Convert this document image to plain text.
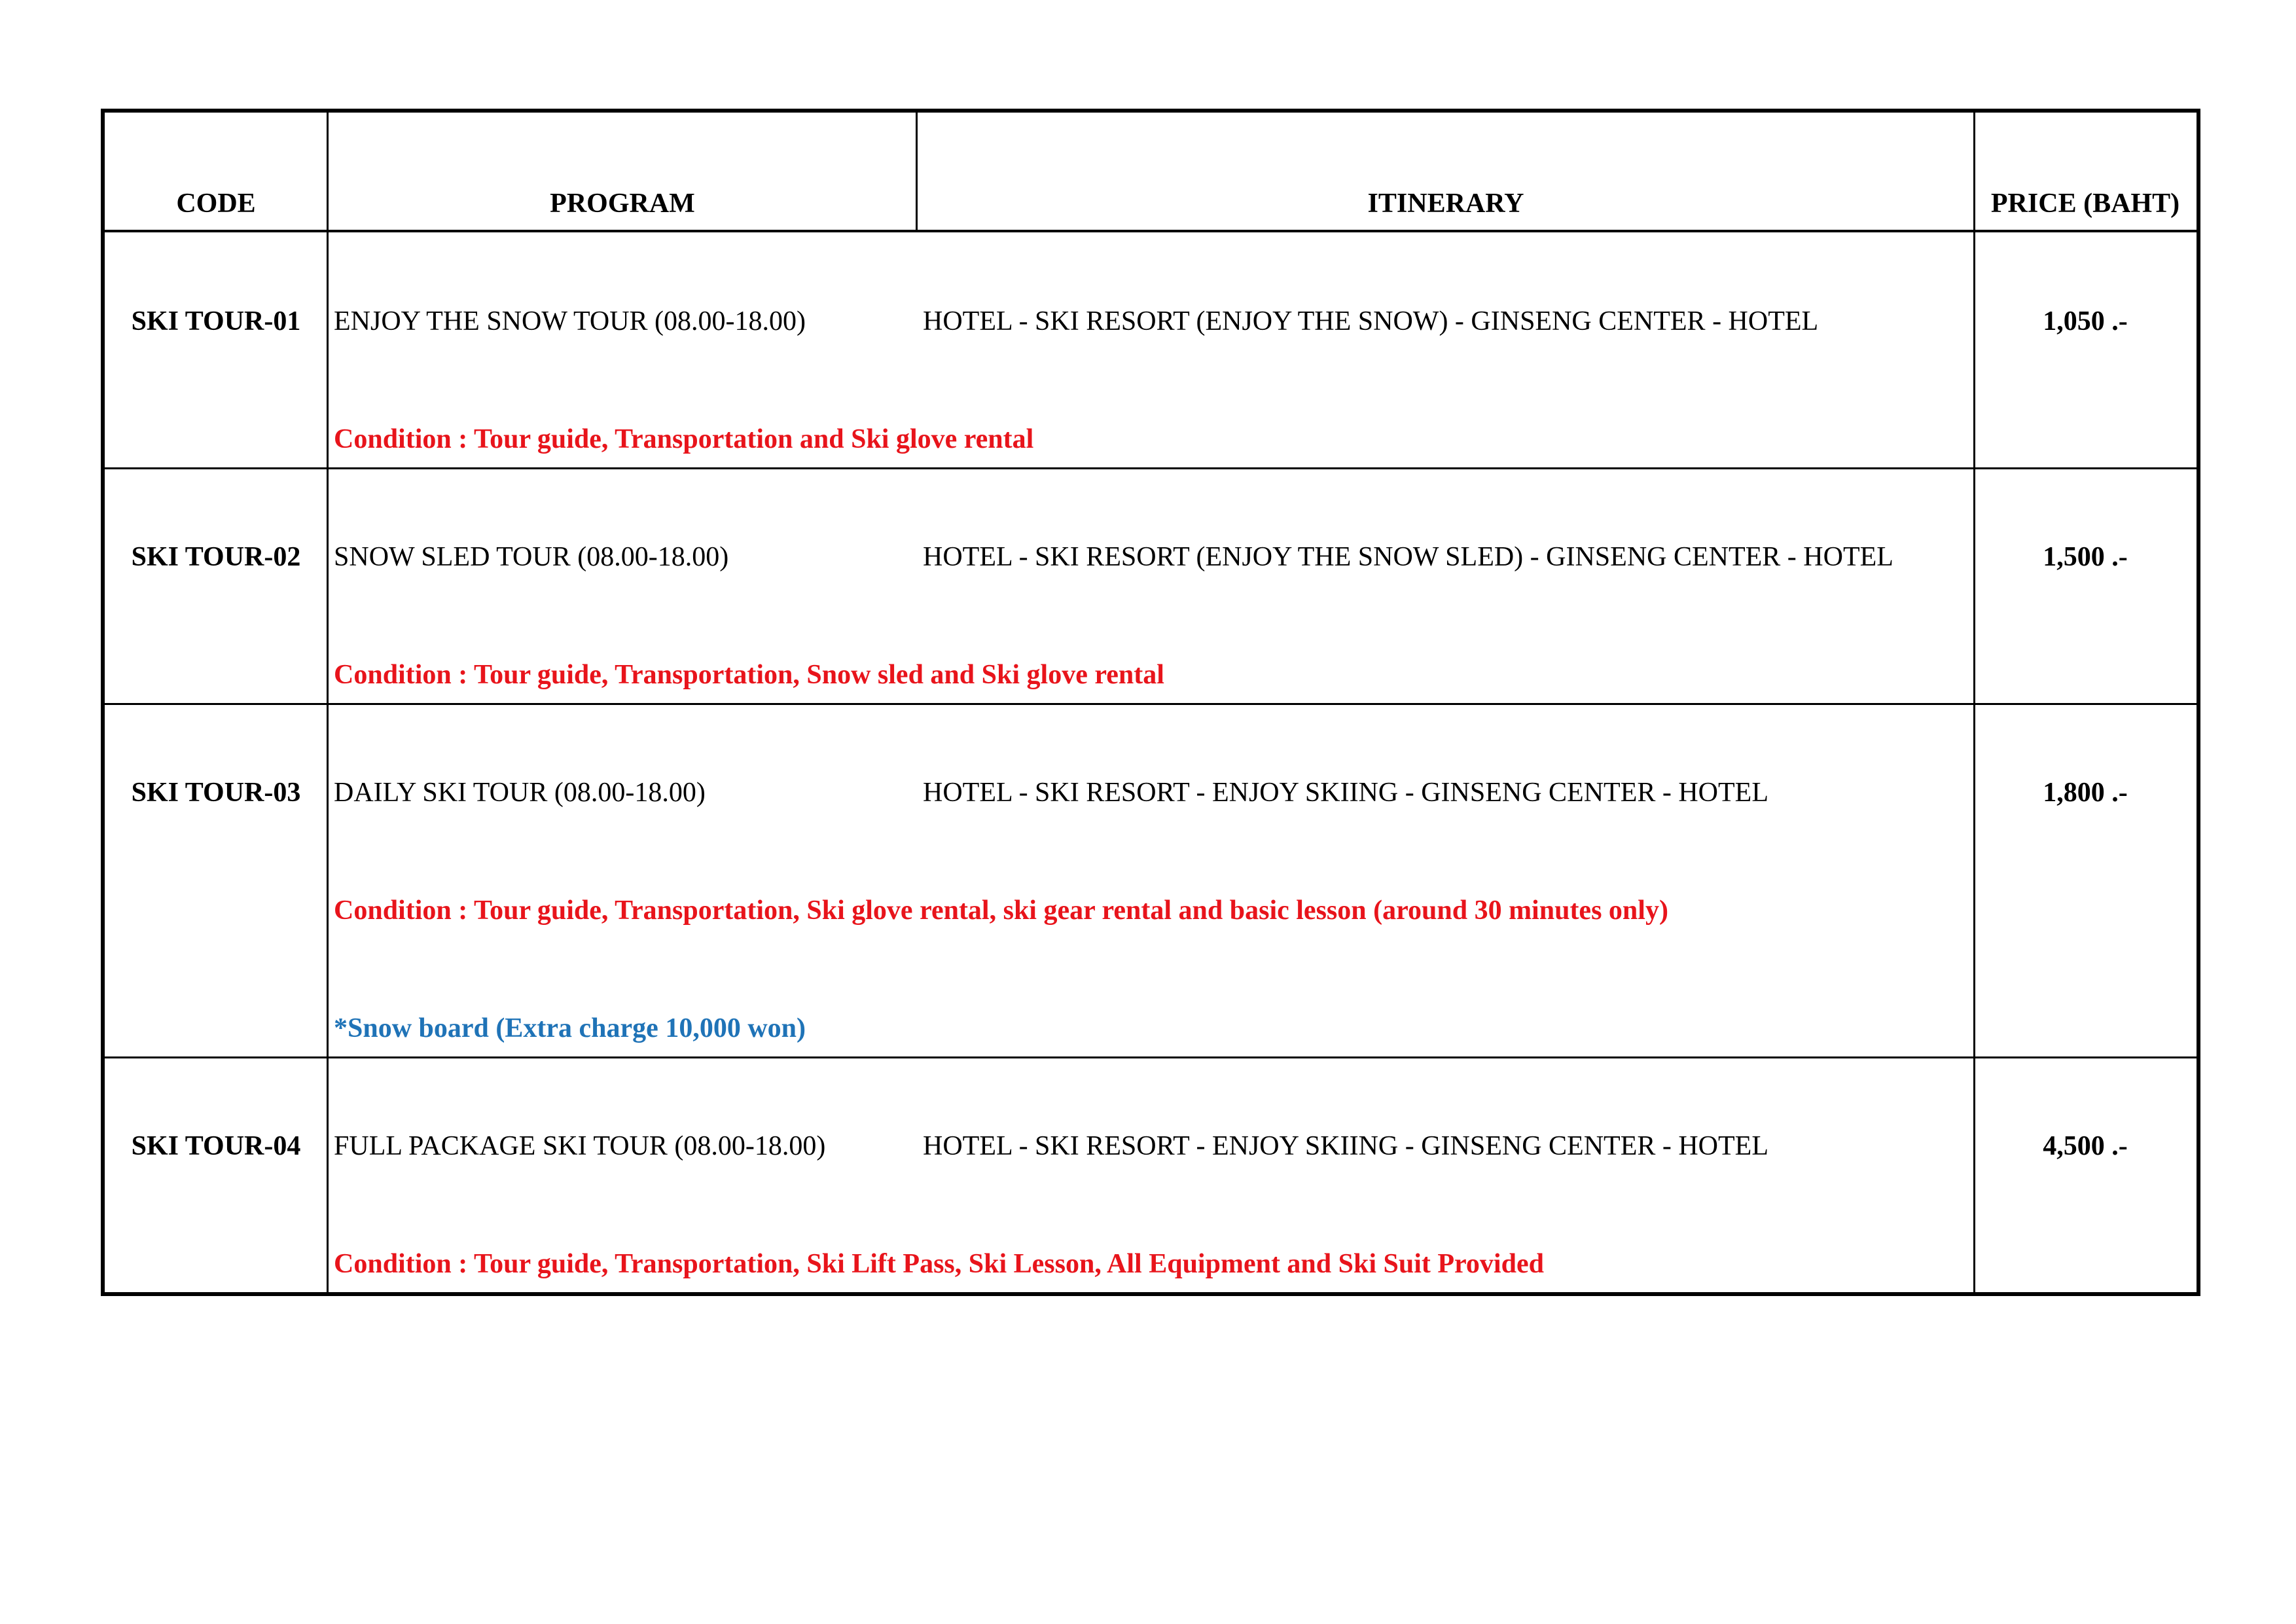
CODE	PROGRAM	ITINERARY	PRICE (BAHT)
SKI TOUR-01	ENJOY THE SNOW TOUR (08.00-18.00)	HOTEL - SKI RESORT (ENJOY THE SNOW) - GINSENG CENTER - HOTEL	1,050 .-
Condition : Tour guide, Transportation and Ski glove rental
SKI TOUR-02	SNOW SLED TOUR (08.00-18.00)	HOTEL - SKI RESORT (ENJOY THE SNOW SLED) - GINSENG CENTER - HOTEL	1,500 .-
Condition : Tour guide, Transportation, Snow sled and Ski glove rental
SKI TOUR-03	DAILY SKI TOUR (08.00-18.00)	HOTEL - SKI RESORT - ENJOY SKIING - GINSENG CENTER - HOTEL	1,800 .-
Condition : Tour guide, Transportation, Ski glove rental, ski gear rental and basic lesson (around 30 minutes only)
*Snow board (Extra charge 10,000 won)
SKI TOUR-04	FULL PACKAGE SKI TOUR (08.00-18.00)	HOTEL - SKI RESORT - ENJOY SKIING - GINSENG CENTER - HOTEL	4,500 .-
Condition : Tour guide, Transportation, Ski Lift Pass, Ski Lesson, All Equipment and Ski Suit Provided
